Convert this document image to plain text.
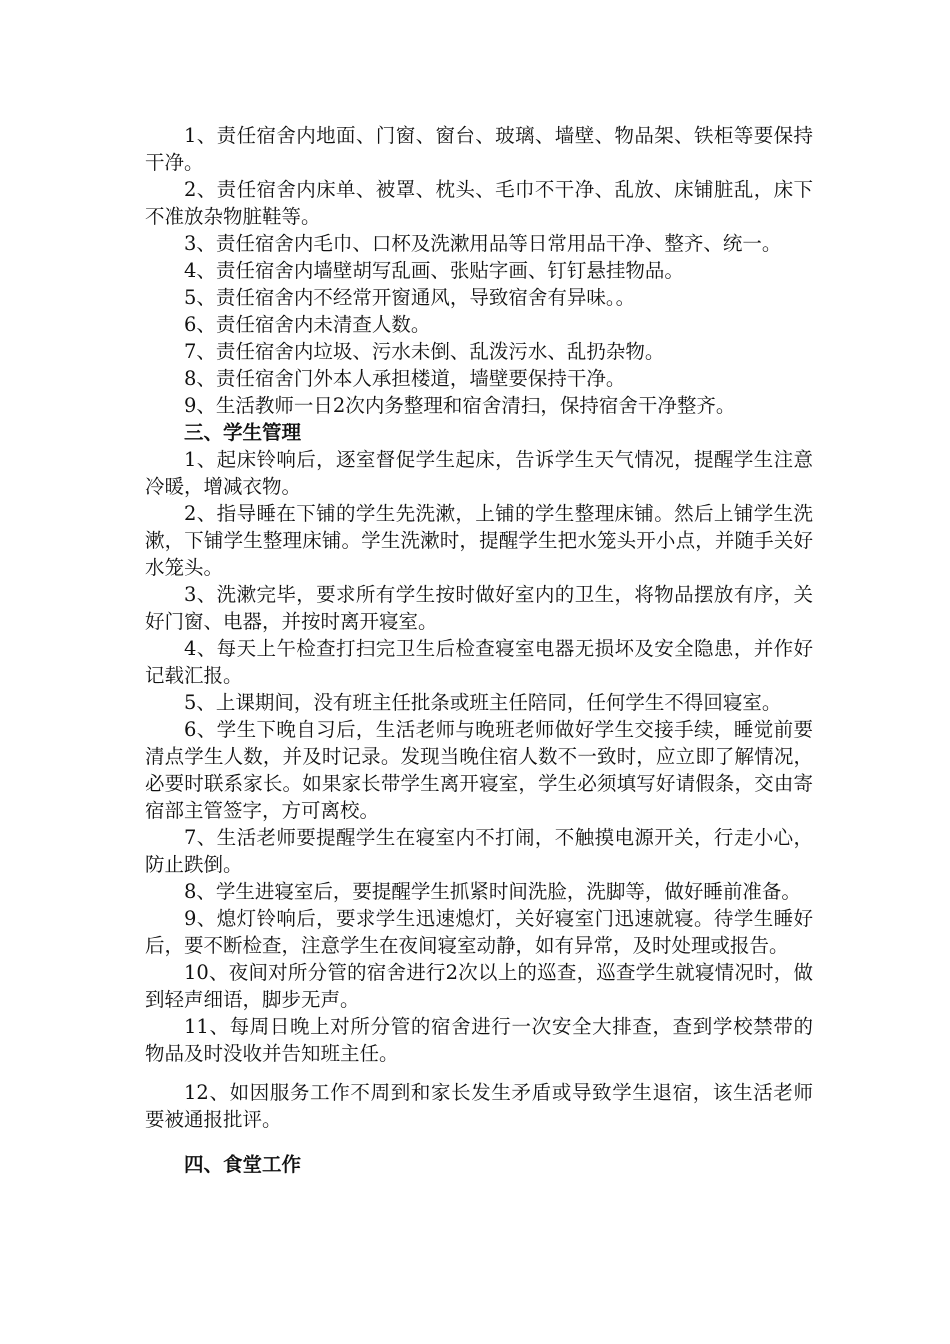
1、责任宿舍内地面、门窗、窗台、玻璃、墙壁、物品架、铁柜等要保持干净。

2、责任宿舍内床单、被罩、枕头、毛巾不干净、乱放、床铺脏乱，床下不准放杂物脏鞋等。

3、责任宿舍内毛巾、口杯及洗漱用品等日常用品干净、整齐、统一。

4、责任宿舍内墙壁胡写乱画、张贴字画、钉钉悬挂物品。

5、责任宿舍内不经常开窗通风，导致宿舍有异味。。

6、责任宿舍内未清查人数。

7、责任宿舍内垃圾、污水未倒、乱泼污水、乱扔杂物。

8、责任宿舍门外本人承担楼道，墙壁要保持干净。

9、生活教师一日2次内务整理和宿舍清扫，保持宿舍干净整齐。

三、学生管理

1、起床铃响后，逐室督促学生起床，告诉学生天气情况，提醒学生注意冷暖，增减衣物。

2、指导睡在下铺的学生先洗漱，上铺的学生整理床铺。然后上铺学生洗漱，下铺学生整理床铺。学生洗漱时，提醒学生把水笼头开小点，并随手关好水笼头。

3、洗漱完毕，要求所有学生按时做好室内的卫生，将物品摆放有序，关好门窗、电器，并按时离开寝室。

4、每天上午检查打扫完卫生后检查寝室电器无损坏及安全隐患，并作好记载汇报。

5、上课期间，没有班主任批条或班主任陪同，任何学生不得回寝室。

6、学生下晚自习后，生活老师与晚班老师做好学生交接手续，睡觉前要清点学生人数，并及时记录。发现当晚住宿人数不一致时，应立即了解情况，必要时联系家长。如果家长带学生离开寝室，学生必须填写好请假条，交由寄宿部主管签字，方可离校。

7、生活老师要提醒学生在寝室内不打闹，不触摸电源开关，行走小心，防止跌倒。

8、学生进寝室后，要提醒学生抓紧时间洗脸，洗脚等，做好睡前准备。

9、熄灯铃响后，要求学生迅速熄灯，关好寝室门迅速就寝。待学生睡好后，要不断检查，注意学生在夜间寝室动静，如有异常，及时处理或报告。

10、夜间对所分管的宿舍进行2次以上的巡查，巡查学生就寝情况时，做到轻声细语，脚步无声。

11、每周日晚上对所分管的宿舍进行一次安全大排查，查到学校禁带的物品及时没收并告知班主任。

12、如因服务工作不周到和家长发生矛盾或导致学生退宿，该生活老师要被通报批评。

四、食堂工作
